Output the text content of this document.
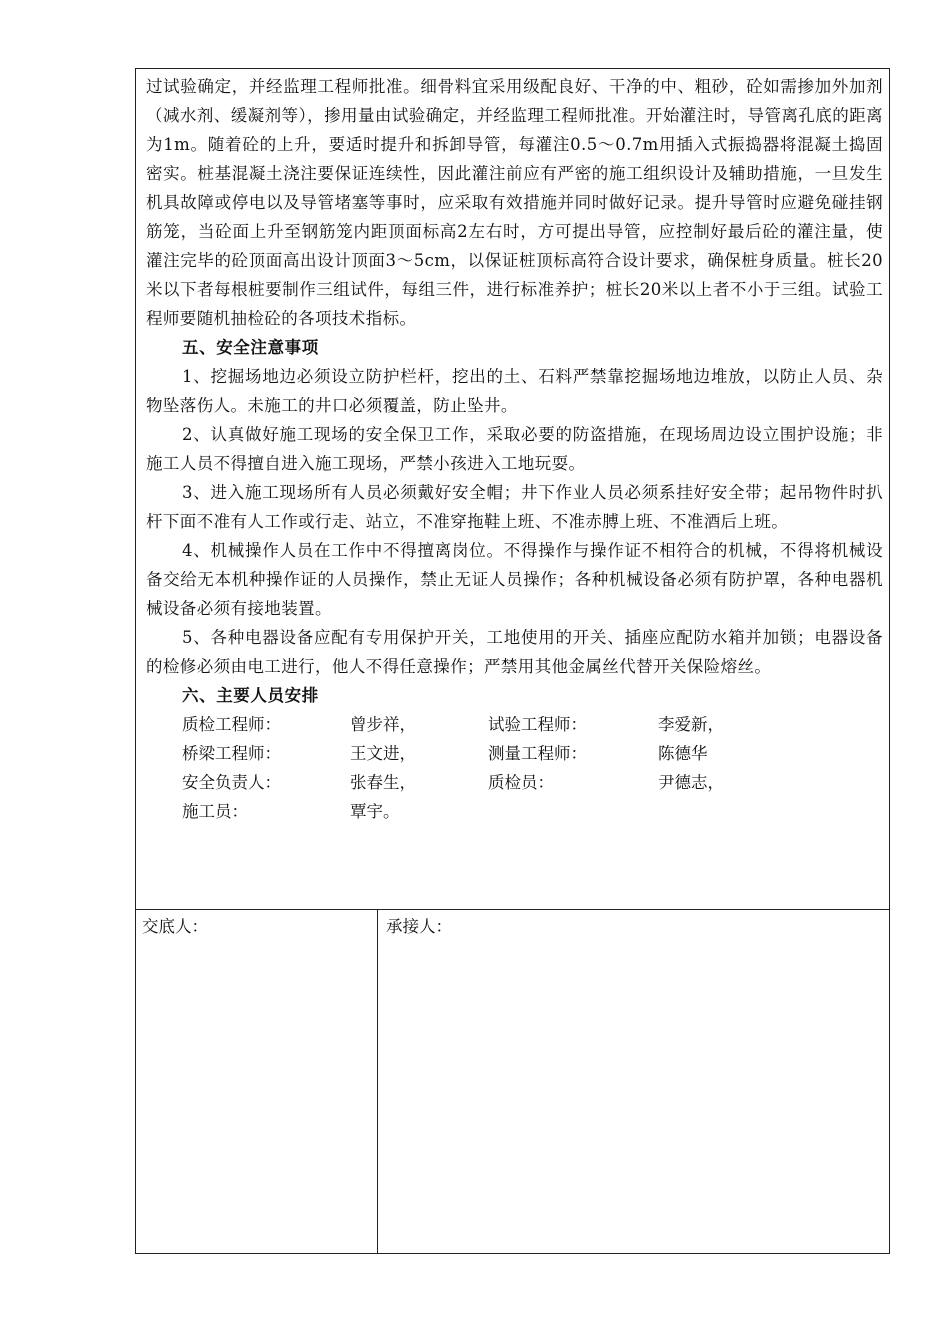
过试验确定，并经监理工程师批准。细骨料宜采用级配良好、干净的中、粗砂，砼如需掺加外加剂（减水剂、缓凝剂等），掺用量由试验确定，并经监理工程师批准。开始灌注时，导管离孔底的距离为1m。随着砼的上升，要适时提升和拆卸导管，每灌注0.5～0.7m用插入式振捣器将混凝土捣固密实。桩基混凝土浇注要保证连续性，因此灌注前应有严密的施工组织设计及辅助措施，一旦发生机具故障或停电以及导管堵塞等事时，应采取有效措施并同时做好记录。提升导管时应避免碰挂钢筋笼，当砼面上升至钢筋笼内距顶面标高2左右时，方可提出导管，应控制好最后砼的灌注量，使灌注完毕的砼顶面高出设计顶面3～5cm，以保证桩顶标高符合设计要求，确保桩身质量。桩长20米以下者每根桩要制作三组试件，每组三件，进行标准养护；桩长20米以上者不小于三组。试验工程师要随机抽检砼的各项技术指标。

五、安全注意事项

1、挖掘场地边必须设立防护栏杆，挖出的土、石料严禁靠挖掘场地边堆放，以防止人员、杂物坠落伤人。未施工的井口必须覆盖，防止坠井。

2、认真做好施工现场的安全保卫工作，采取必要的防盗措施，在现场周边设立围护设施；非施工人员不得擅自进入施工现场，严禁小孩进入工地玩耍。

3、进入施工现场所有人员必须戴好安全帽；井下作业人员必须系挂好安全带；起吊物件时扒杆下面不准有人工作或行走、站立，不准穿拖鞋上班、不准赤膊上班、不准酒后上班。

4、机械操作人员在工作中不得擅离岗位。不得操作与操作证不相符合的机械，不得将机械设备交给无本机种操作证的人员操作，禁止无证人员操作；各种机械设备必须有防护罩，各种电器机械设备必须有接地装置。

5、各种电器设备应配有专用保护开关，工地使用的开关、插座应配防水箱并加锁；电器设备的检修必须由电工进行，他人不得任意操作；严禁用其他金属丝代替开关保险熔丝。

六、主要人员安排

质检工程师：	曾步祥，	试验工程师：	李爱新，
桥梁工程师：	王文进，	测量工程师：	陈德华
安全负责人：	张春生，	质检员：	尹德志，
施工员：	覃宇。
交底人：	承接人：
